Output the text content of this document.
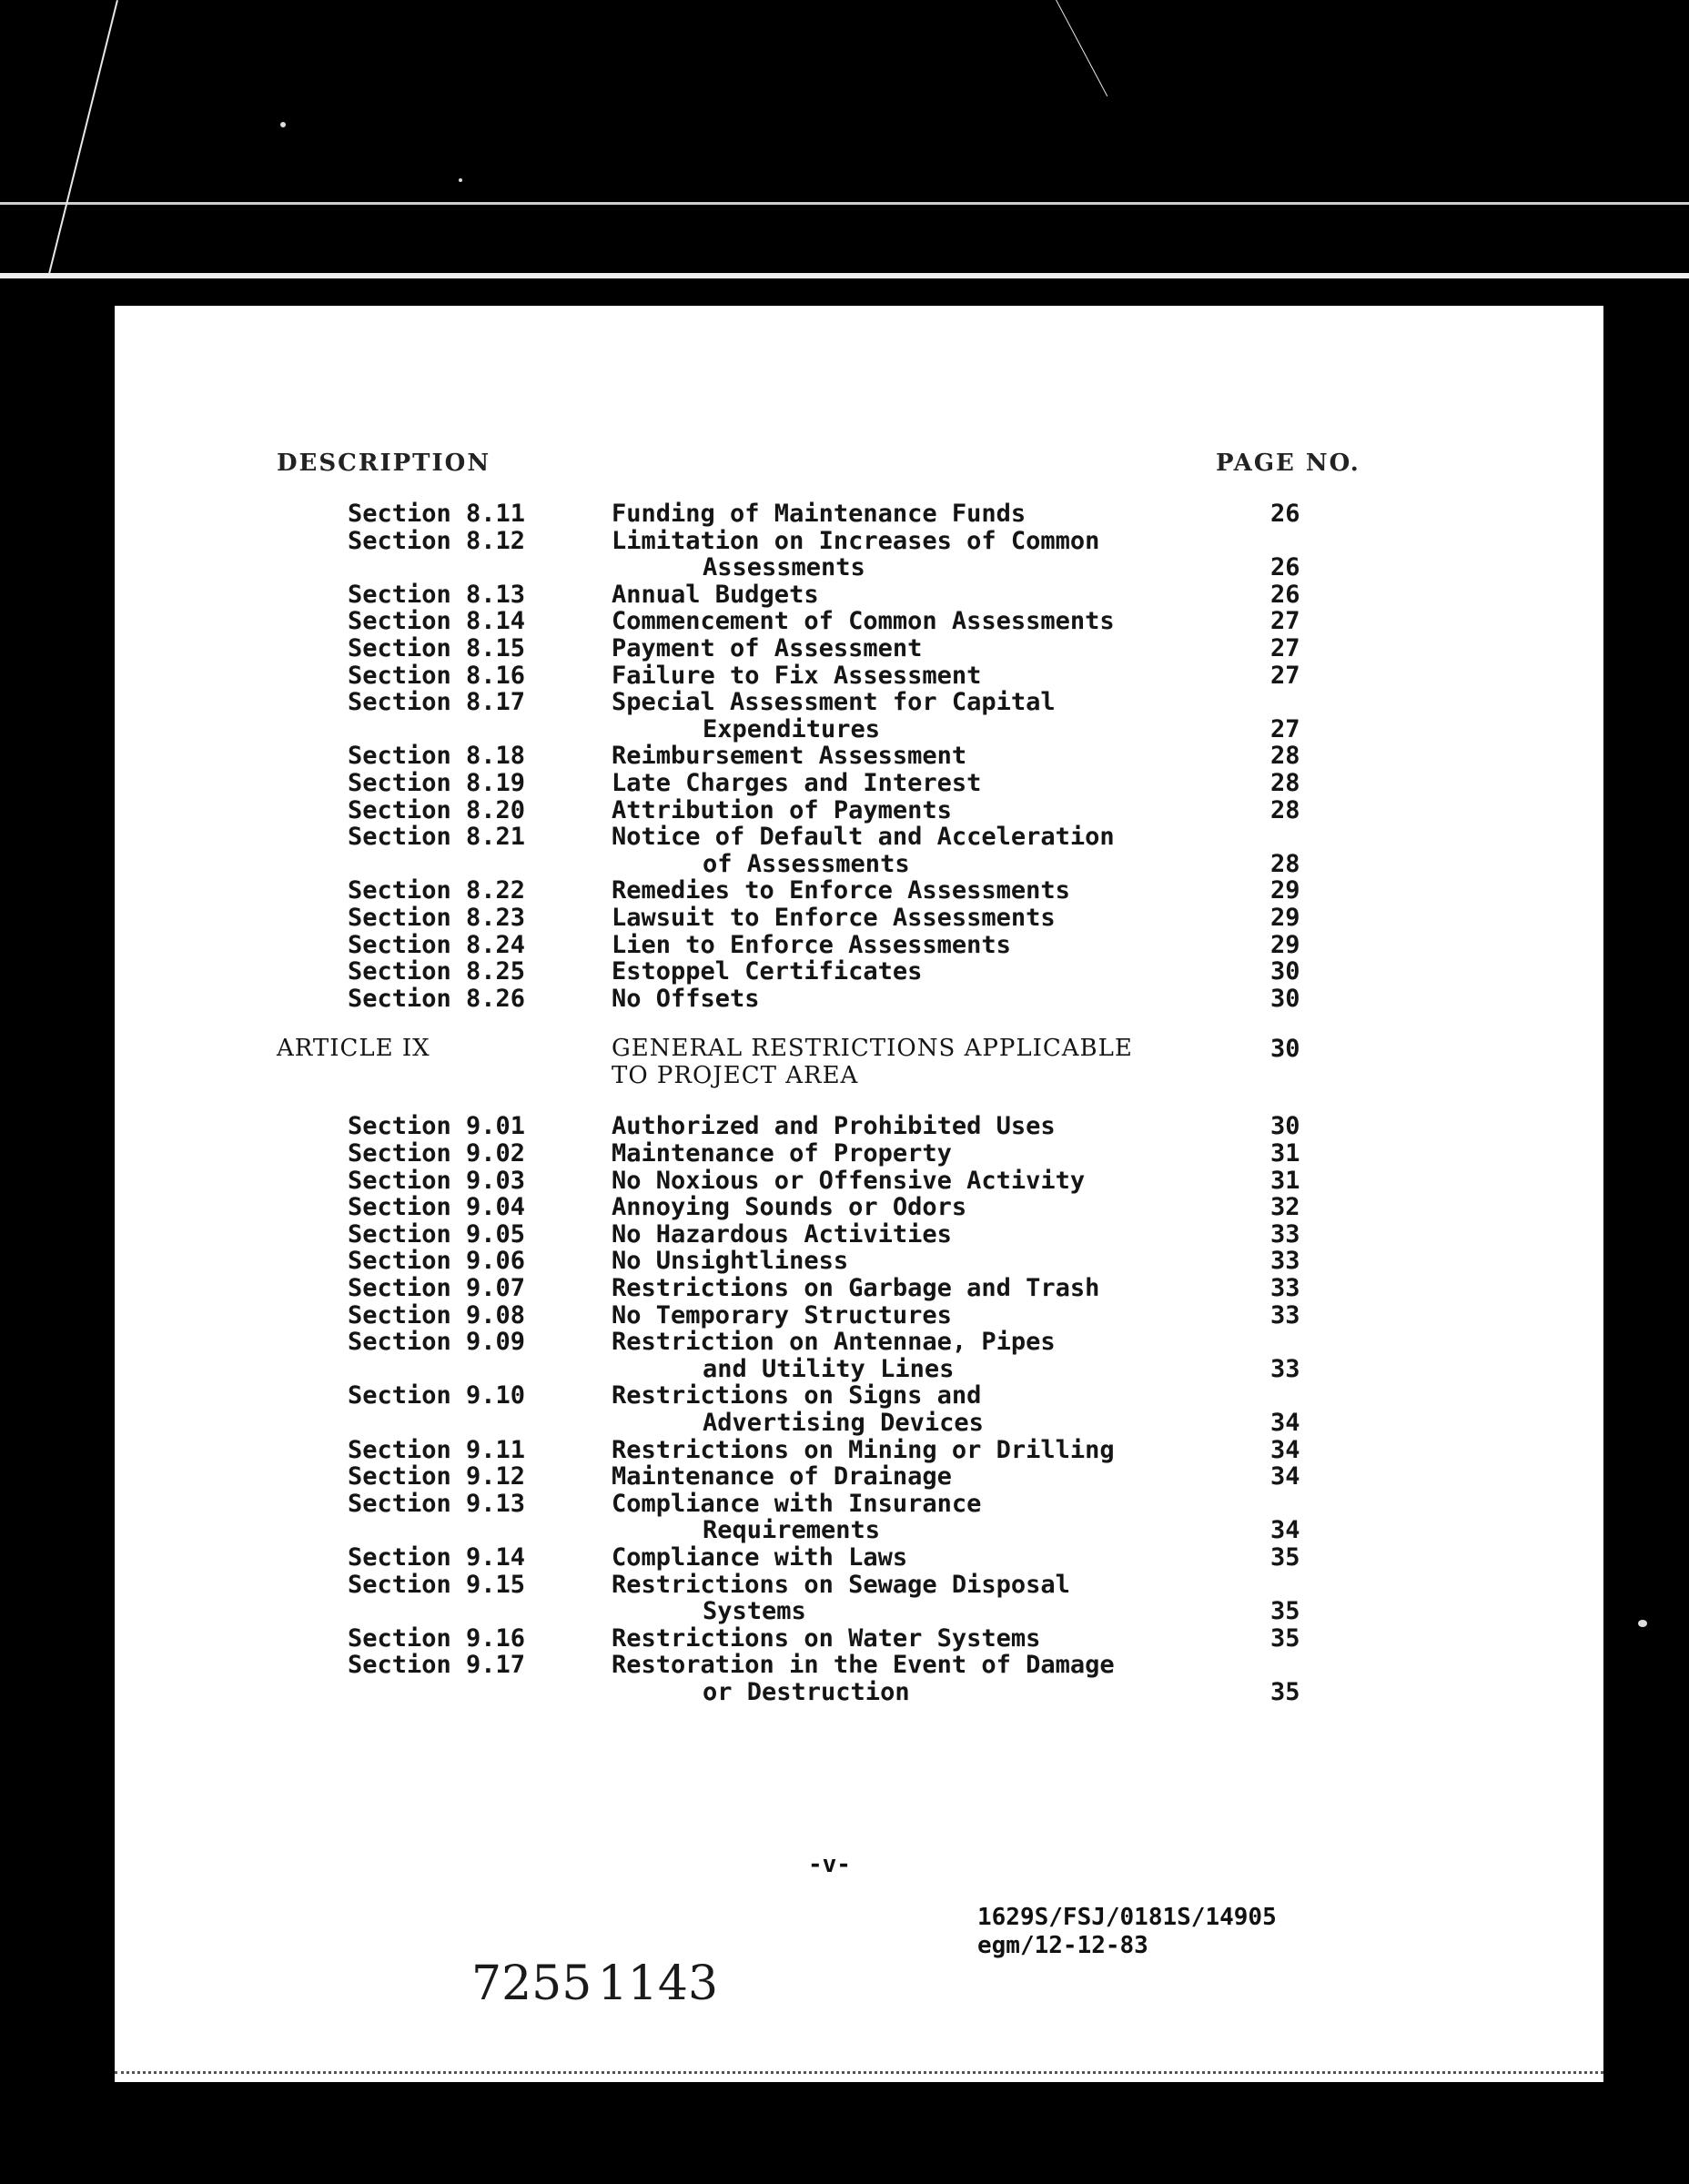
DESCRIPTION	PAGE NO.
Section 8.11	Funding of Maintenance Funds	26
Section 8.12	Limitation on Increases of Common
Assessments	26
Section 8.13	Annual Budgets	26
Section 8.14	Commencement of Common Assessments	27
Section 8.15	Payment of Assessment	27
Section 8.16	Failure to Fix Assessment	27
Section 8.17	Special Assessment for Capital
Expenditures	27
Section 8.18	Reimbursement Assessment	28
Section 8.19	Late Charges and Interest	28
Section 8.20	Attribution of Payments	28
Section 8.21	Notice of Default and Acceleration
of Assessments	28
Section 8.22	Remedies to Enforce Assessments	29
Section 8.23	Lawsuit to Enforce Assessments	29
Section 8.24	Lien to Enforce Assessments	29
Section 8.25	Estoppel Certificates	30
Section 8.26	No Offsets	30
ARTICLE IX	GENERAL RESTRICTIONS APPLICABLE	30
TO PROJECT AREA
Section 9.01	Authorized and Prohibited Uses	30
Section 9.02	Maintenance of Property	31
Section 9.03	No Noxious or Offensive Activity	31
Section 9.04	Annoying Sounds or Odors	32
Section 9.05	No Hazardous Activities	33
Section 9.06	No Unsightliness	33
Section 9.07	Restrictions on Garbage and Trash	33
Section 9.08	No Temporary Structures	33
Section 9.09	Restriction on Antennae, Pipes
and Utility Lines	33
Section 9.10	Restrictions on Signs and
Advertising Devices	34
Section 9.11	Restrictions on Mining or Drilling	34
Section 9.12	Maintenance of Drainage	34
Section 9.13	Compliance with Insurance
Requirements	34
Section 9.14	Compliance with Laws	35
Section 9.15	Restrictions on Sewage Disposal
Systems	35
Section 9.16	Restrictions on Water Systems	35
Section 9.17	Restoration in the Event of Damage
or Destruction	35
-v-
1629S/FSJ/0181S/14905
egm/12-12-83
7255 1143
